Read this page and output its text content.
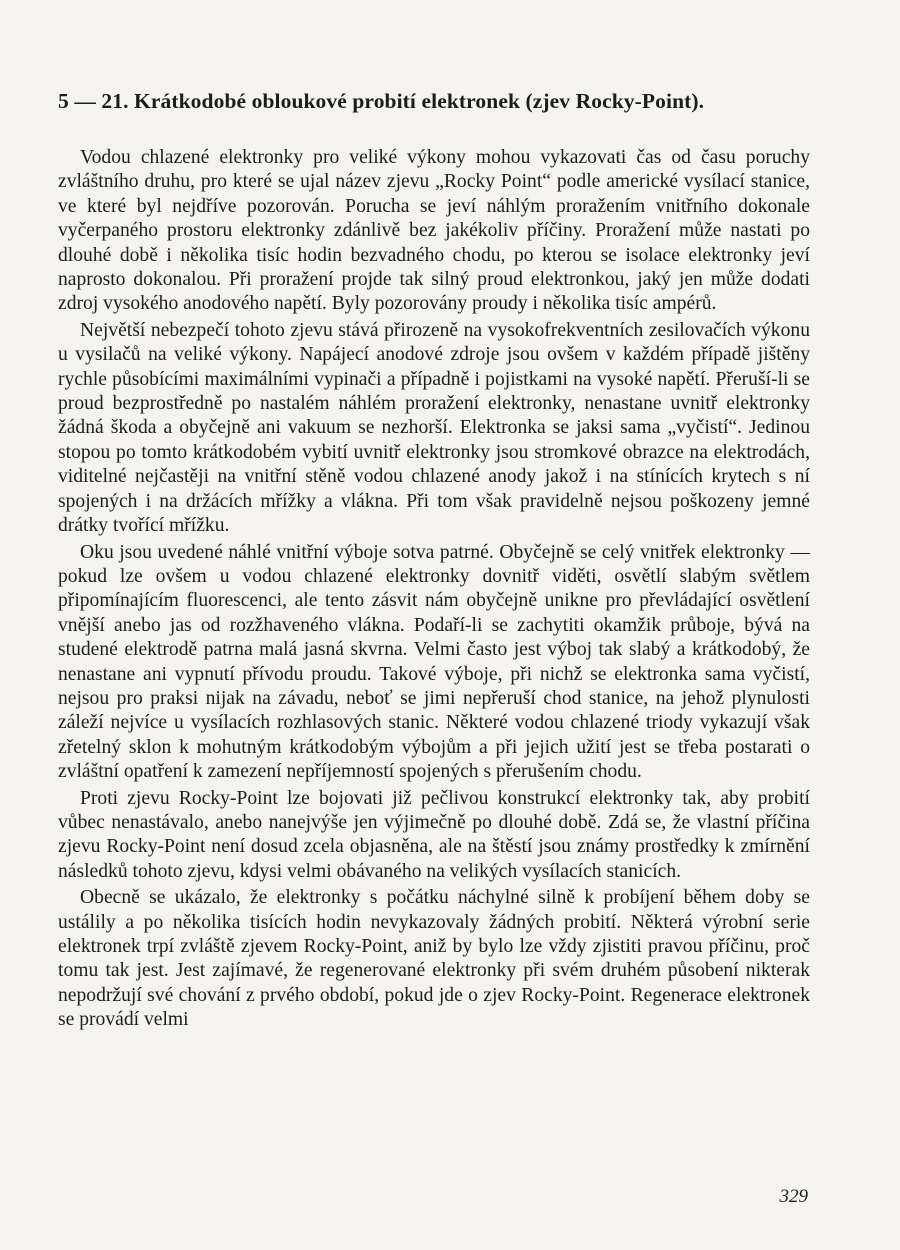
5 — 21. Krátkodobé obloukové probití elektronek (zjev Rocky-Point).

Vodou chlazené elektronky pro veliké výkony mohou vykazovati čas od času poruchy zvláštního druhu, pro které se ujal název zjevu „Rocky Point“ podle americké vysílací stanice, ve které byl nejdříve pozorován. Porucha se jeví náhlým proražením vnitřního dokonale vyčerpaného prostoru elektronky zdánlivě bez jakékoliv příčiny. Proražení může nastati po dlouhé době i několika tisíc hodin bezvadného chodu, po kterou se isolace elektronky jeví naprosto dokonalou. Při proražení projde tak silný proud elektronkou, jaký jen může dodati zdroj vysokého anodového napětí. Byly pozorovány proudy i několika tisíc ampérů.

Největší nebezpečí tohoto zjevu stává přirozeně na vysokofrekventních zesilovačích výkonu u vysilačů na veliké výkony. Napájecí anodové zdroje jsou ovšem v každém případě jištěny rychle působícími maximálními vypinači a případně i pojistkami na vysoké napětí. Přeruší-li se proud bezprostředně po nastalém náhlém proražení elektronky, nenastane uvnitř elektronky žádná škoda a obyčejně ani vakuum se nezhorší. Elektronka se jaksi sama „vyčistí“. Jedinou stopou po tomto krátkodobém vybití uvnitř elektronky jsou stromkové obrazce na elektrodách, viditelné nejčastěji na vnitřní stěně vodou chlazené anody jakož i na stínících krytech s ní spojených i na držácích mřížky a vlákna. Při tom však pravidelně nejsou poškozeny jemné drátky tvořící mřížku.

Oku jsou uvedené náhlé vnitřní výboje sotva patrné. Obyčejně se celý vnitřek elektronky — pokud lze ovšem u vodou chlazené elektronky dovnitř viděti, osvětlí slabým světlem připomínajícím fluorescenci, ale tento zásvit nám obyčejně unikne pro převládající osvětlení vnější anebo jas od rozžhaveného vlákna. Podaří-li se zachytiti okamžik průboje, bývá na studené elektrodě patrna malá jasná skvrna. Velmi často jest výboj tak slabý a krátkodobý, že nenastane ani vypnutí přívodu proudu. Takové výboje, při nichž se elektronka sama vyčistí, nejsou pro praksi nijak na závadu, neboť se jimi nepřeruší chod stanice, na jehož plynulosti záleží nejvíce u vysílacích rozhlasových stanic. Některé vodou chlazené triody vykazují však zřetelný sklon k mohutným krátkodobým výbojům a při jejich užití jest se třeba postarati o zvláštní opatření k zamezení nepříjemností spojených s přerušením chodu.

Proti zjevu Rocky-Point lze bojovati již pečlivou konstrukcí elektronky tak, aby probití vůbec nenastávalo, anebo nanejvýše jen výjimečně po dlouhé době. Zdá se, že vlastní příčina zjevu Rocky-Point není dosud zcela objasněna, ale na štěstí jsou známy prostředky k zmírnění následků tohoto zjevu, kdysi velmi obávaného na velikých vysílacích stanicích.

Obecně se ukázalo, že elektronky s počátku náchylné silně k probíjení během doby se ustálily a po několika tisících hodin nevykazovaly žádných probití. Některá výrobní serie elektronek trpí zvláště zjevem Rocky-Point, aniž by bylo lze vždy zjistiti pravou příčinu, proč tomu tak jest. Jest zajímavé, že regenerované elektronky při svém druhém působení nikterak nepodržují své chování z prvého období, pokud jde o zjev Rocky-Point. Regenerace elektronek se provádí velmi

329
